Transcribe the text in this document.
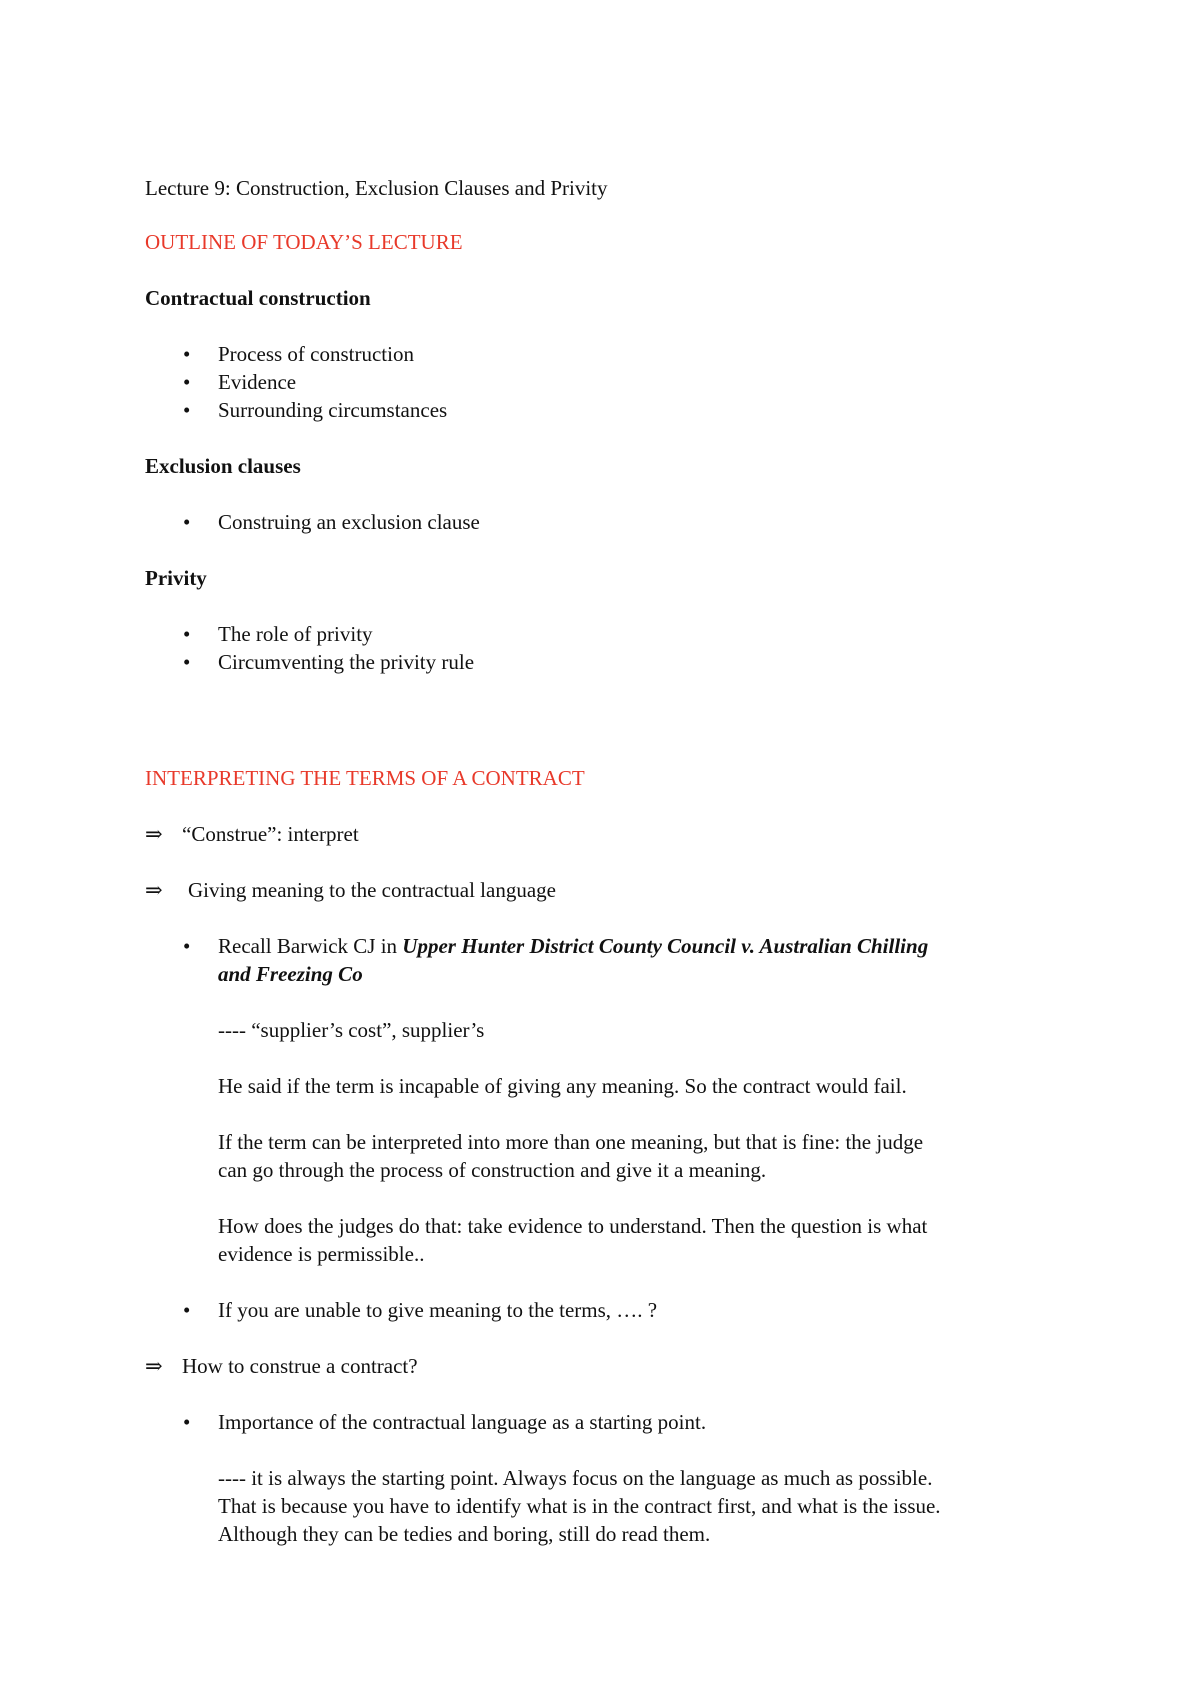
Lecture 9: Construction, Exclusion Clauses and Privity
OUTLINE OF TODAY’S LECTURE
Contractual construction
• Process of construction
• Evidence
• Surrounding circumstances
Exclusion clauses
• Construing an exclusion clause
Privity
• The role of privity
• Circumventing the privity rule
INTERPRETING THE TERMS OF A CONTRACT
⇒ “Construe”: interpret
⇒ Giving meaning to the contractual language
• Recall Barwick CJ in Upper Hunter District County Council v. Australian Chilling
and Freezing Co
---- “supplier’s cost”, supplier’s
He said if the term is incapable of giving any meaning. So the contract would fail.
If the term can be interpreted into more than one meaning, but that is fine: the judge
can go through the process of construction and give it a meaning.
How does the judges do that: take evidence to understand. Then the question is what
evidence is permissible..
• If you are unable to give meaning to the terms, …. ?
⇒ How to construe a contract?
• Importance of the contractual language as a starting point.
---- it is always the starting point. Always focus on the language as much as possible.
That is because you have to identify what is in the contract first, and what is the issue.
Although they can be tedies and boring, still do read them.
